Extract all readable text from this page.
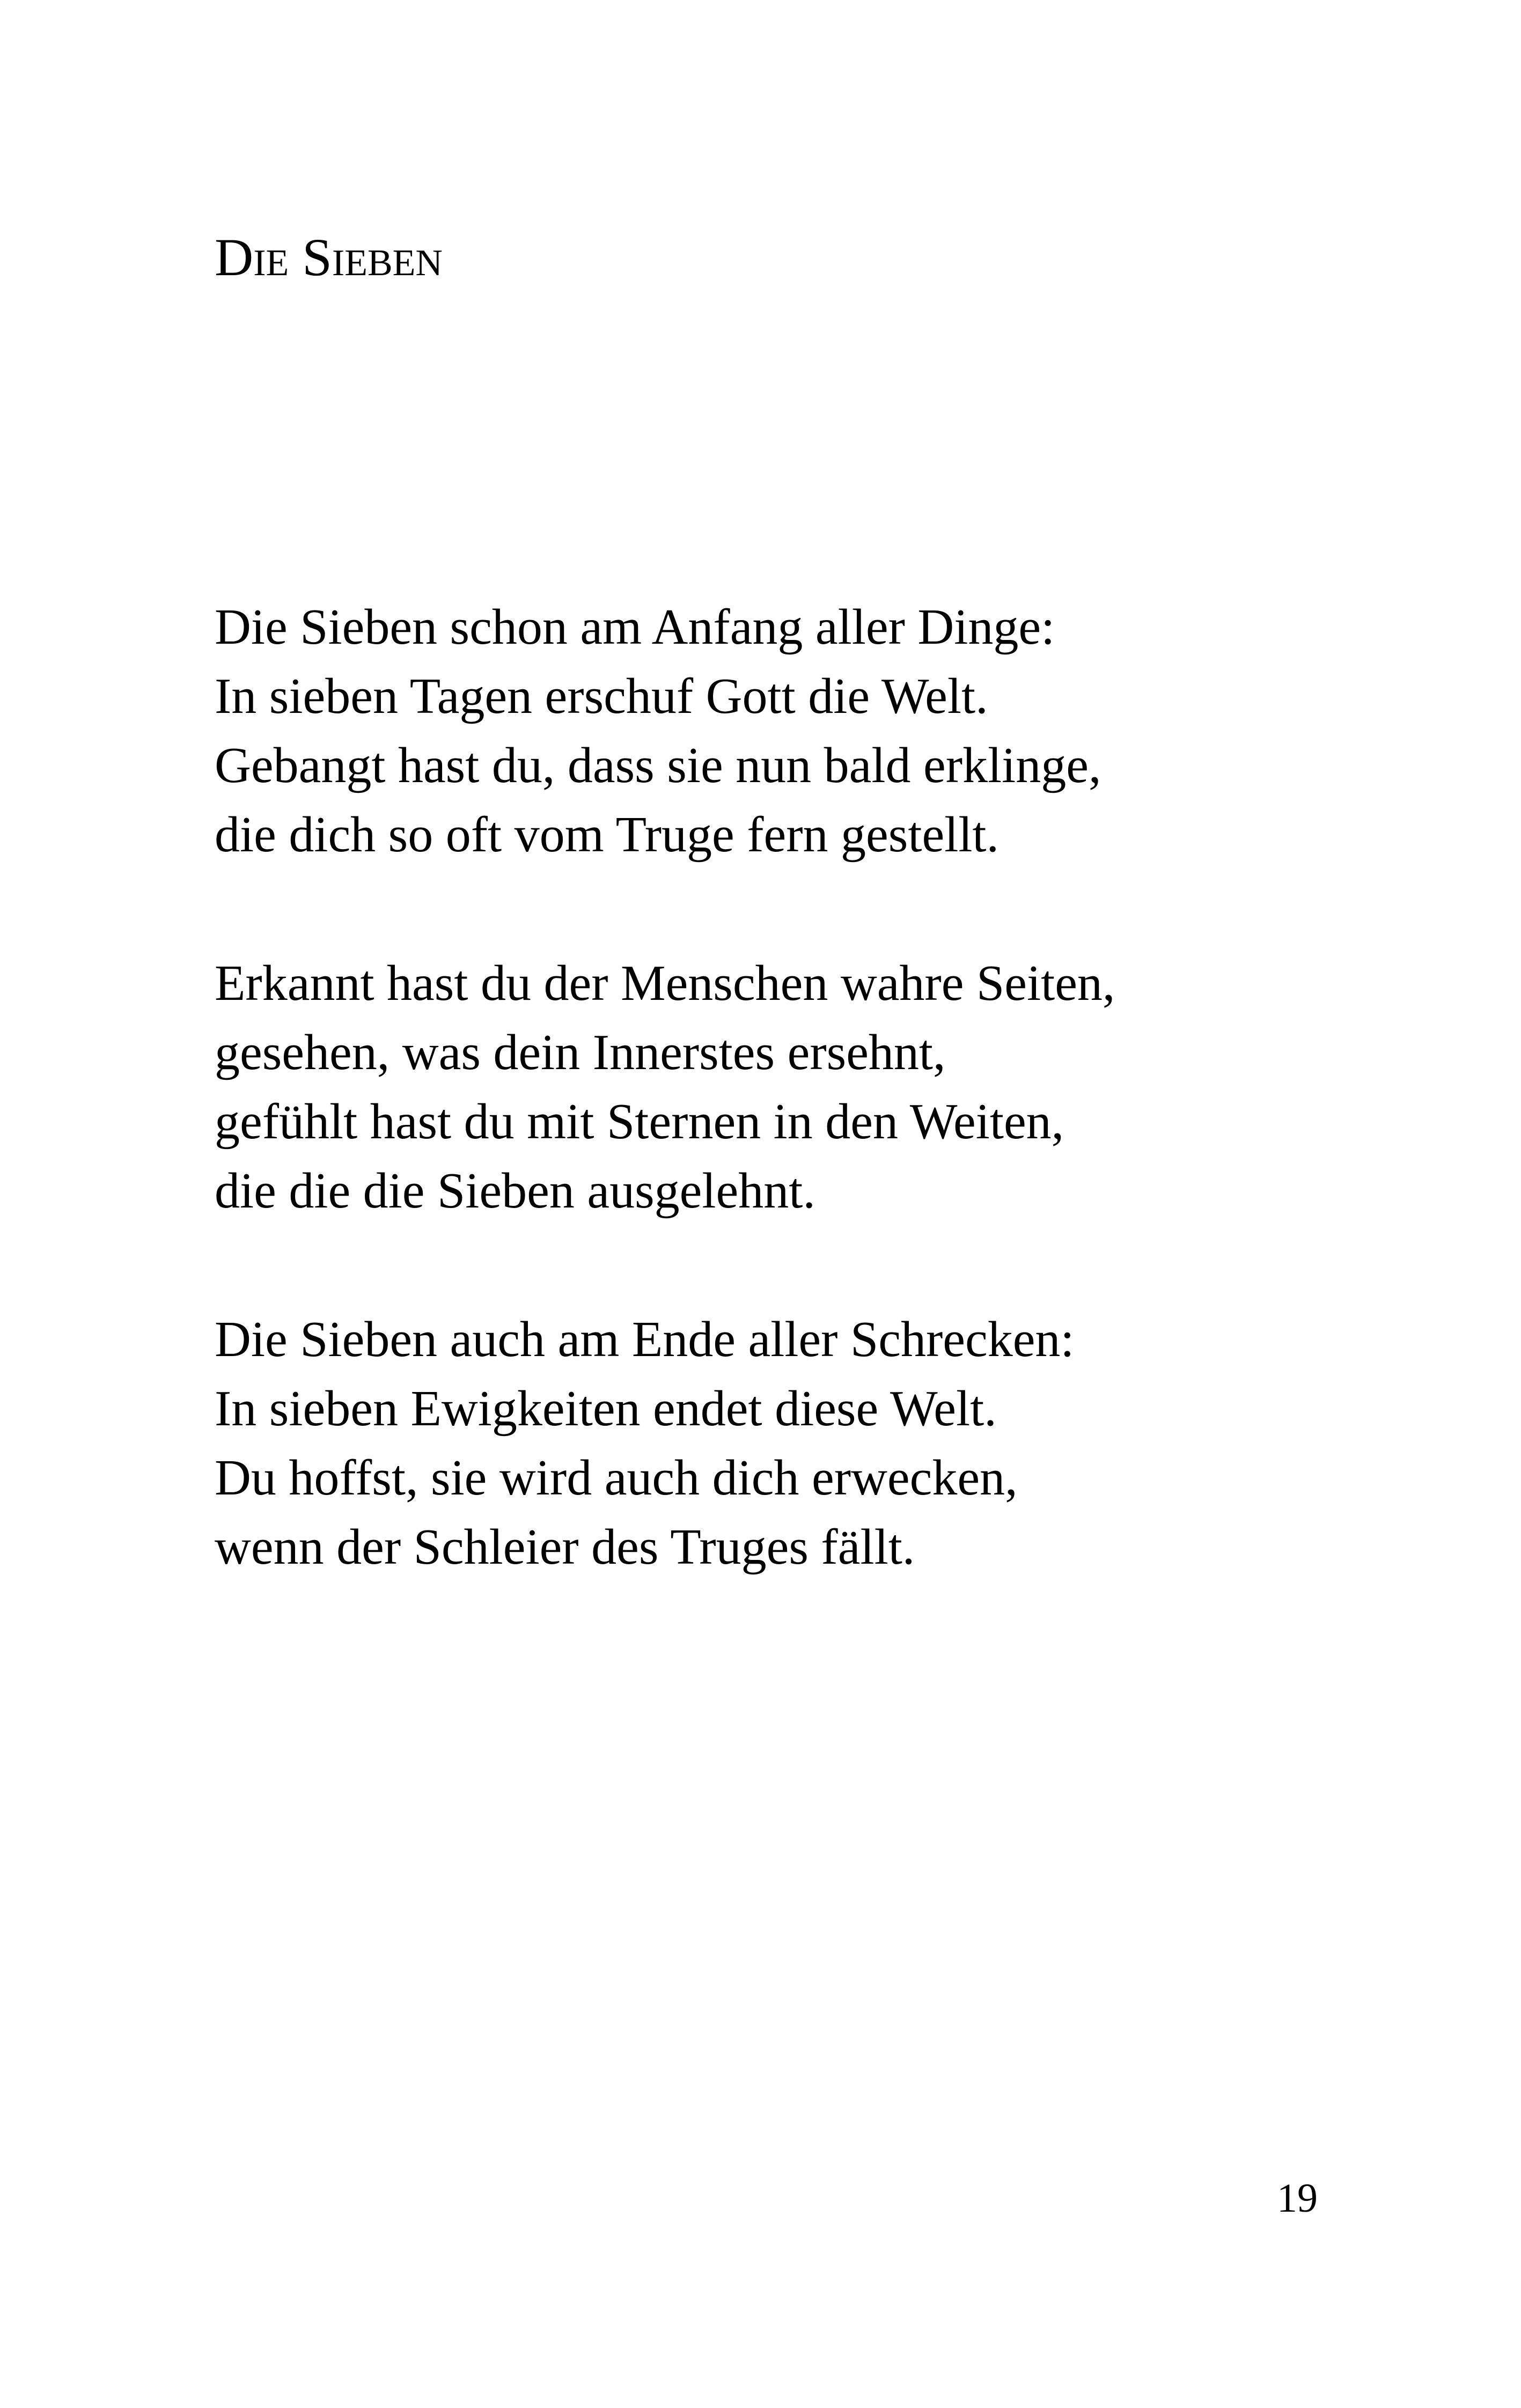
Die Sieben

Die Sieben schon am Anfang aller Dinge:
In sieben Tagen erschuf Gott die Welt.
Gebangt hast du, dass sie nun bald erklinge,
die dich so oft vom Truge fern gestellt.

Erkannt hast du der Menschen wahre Seiten,
gesehen, was dein Innerstes ersehnt,
gefühlt hast du mit Sternen in den Weiten,
die die die Sieben ausgelehnt.

Die Sieben auch am Ende aller Schrecken:
In sieben Ewigkeiten endet diese Welt.
Du hoffst, sie wird auch dich erwecken,
wenn der Schleier des Truges fällt.

19
